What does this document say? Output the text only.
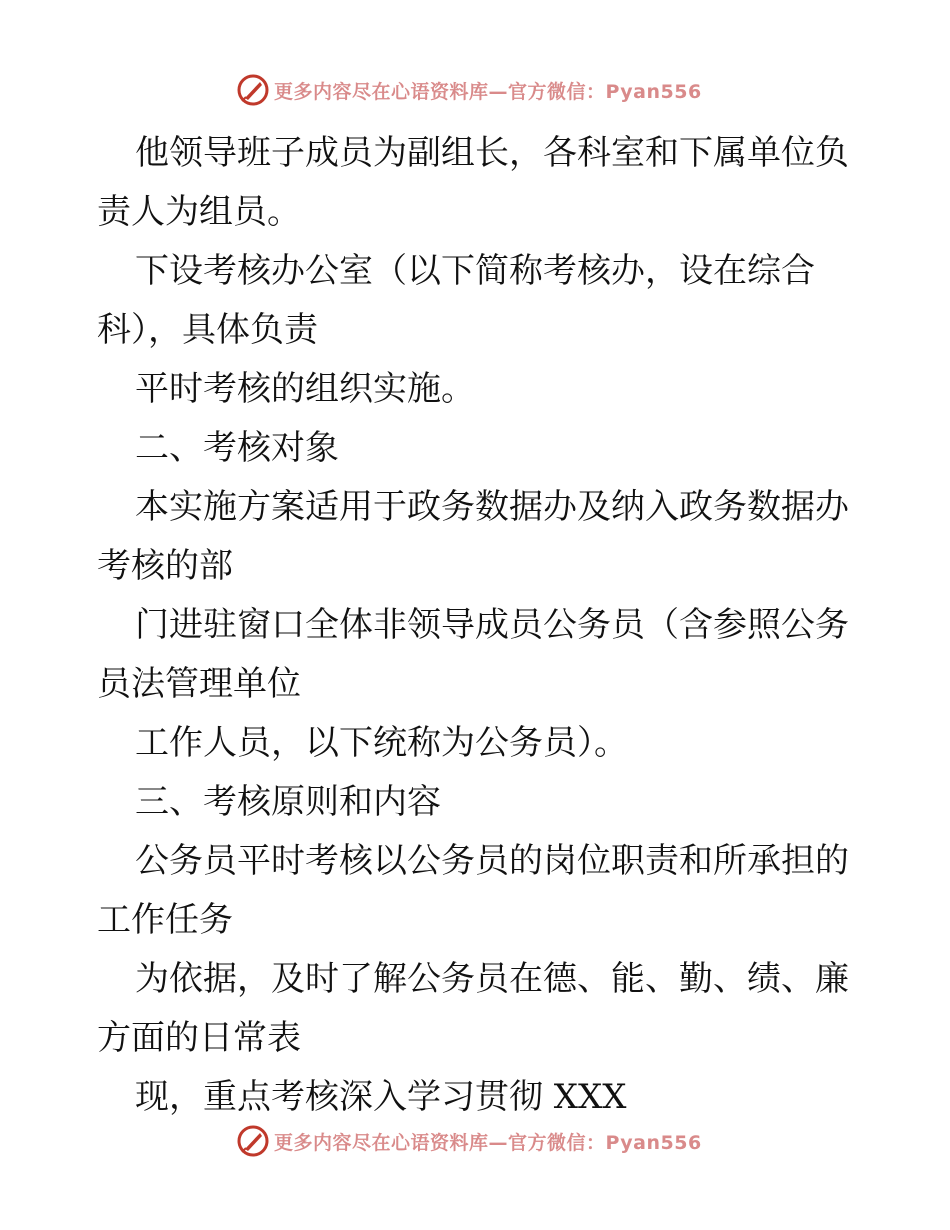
更多内容尽在心语资料库—官方微信：Pyan556

他领导班子成员为副组长，各科室和下属单位负

责人为组员。

下设考核办公室（以下简称考核办，设在综合

科），具体负责

平时考核的组织实施。

二、考核对象

本实施方案适用于政务数据办及纳入政务数据办

考核的部

门进驻窗口全体非领导成员公务员（含参照公务

员法管理单位

工作人员，以下统称为公务员）。

三、考核原则和内容

公务员平时考核以公务员的岗位职责和所承担的

工作任务

为依据，及时了解公务员在德、能、勤、绩、廉

方面的日常表

现，重点考核深入学习贯彻 XXX

更多内容尽在心语资料库—官方微信：Pyan556
